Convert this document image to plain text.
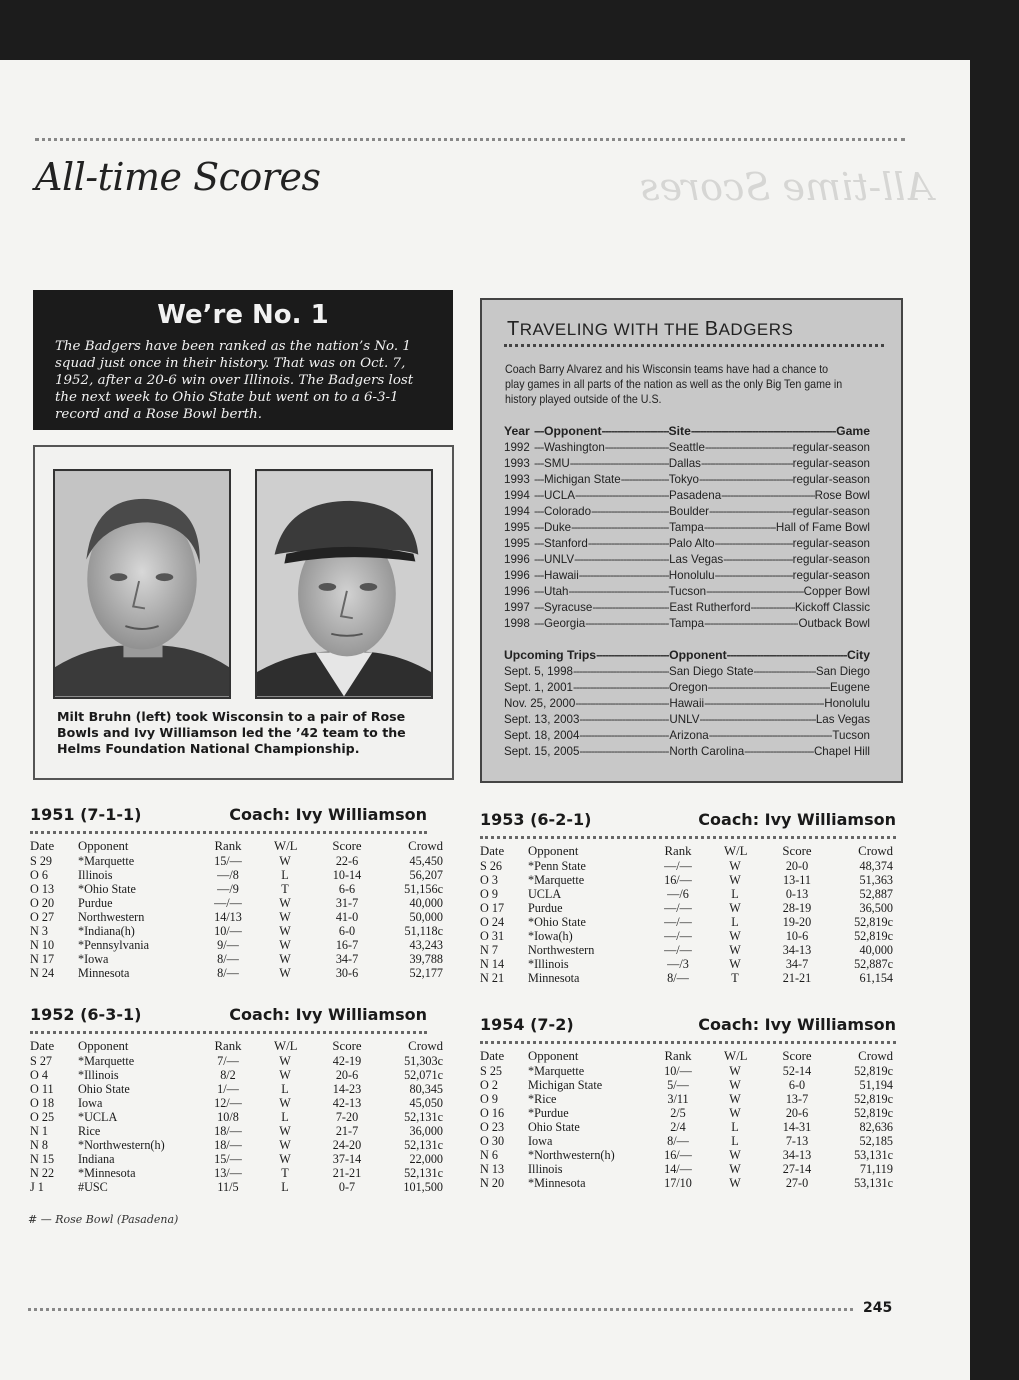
All-time Scores	All-time Scores
We’re No. 1

The Badgers have been ranked as the nation’s No. 1 squad just once in their history. That was on Oct. 7, 1952, after a 20-6 win over Illinois. The Badgers lost the next week to Ohio State but went on to a 6-3-1 record and a Rose Bowl berth.

Milt Bruhn (left) took Wisconsin to a pair of Rose Bowls and Ivy Williamson led the ’42 team to the Helms Foundation National Championship.
TRAVELING WITH THE BADGERS
Coach Barry Alvarez and his Wisconsin teams have had a chance to play games in all parts of the nation as well as the only Big Ten game in history played outside of the U.S.
Year -----	Opponent -----	Site -----	Game
1992 -----	Washington -----	Seattle -----	regular-season
1993 -----	SMU -----	Dallas -----	regular-season
1993 -----	Michigan State -----	Tokyo -----	regular-season
1994 -----	UCLA -----	Pasadena -----	Rose Bowl
1994 -----	Colorado -----	Boulder -----	regular-season
1995 -----	Duke -----	Tampa -----	Hall of Fame Bowl
1995 -----	Stanford -----	Palo Alto -----	regular-season
1996 -----	UNLV -----	Las Vegas -----	regular-season
1996 -----	Hawaii -----	Honolulu -----	regular-season
1996 -----	Utah -----	Tucson -----	Copper Bowl
1997 -----	Syracuse -----	East Rutherford -----	Kickoff Classic
1998 -----	Georgia -----	Tampa -----	Outback Bowl
Upcoming Trips -----	Opponent -----	City
Sept. 5, 1998 -----	San Diego State -----	San Diego
Sept. 1, 2001 -----	Oregon -----	Eugene
Nov. 25, 2000 -----	Hawaii -----	Honolulu
Sept. 13, 2003 -----	UNLV -----	Las Vegas
Sept. 18, 2004 -----	Arizona -----	Tucson
Sept. 15, 2005 -----	North Carolina -----	Chapel Hill
1951 (7-1-1)	Coach: Ivy Williamson
Date Opponent	Rank	W/L	Score	Crowd
S 29 *Marquette	15/—	W	22-6	45,450
O 6 Illinois	—/8	L	10-14	56,207
O 13 *Ohio State	—/9	T	6-6	51,156c
O 20 Purdue	—/—	W	31-7	40,000
O 27 Northwestern	14/13	W	41-0	50,000
N 3 *Indiana(h)	10/—	W	6-0	51,118c
N 10 *Pennsylvania	9/—	W	16-7	43,243
N 17 *Iowa	8/—	W	34-7	39,788
N 24 Minnesota	8/—	W	30-6	52,177
1952 (6-3-1)	Coach: Ivy Williamson
Date Opponent	Rank	W/L	Score	Crowd
S 27 *Marquette	7/—	W	42-19	51,303c
O 4 *Illinois	8/2	W	20-6	52,071c
O 11 Ohio State	1/—	L	14-23	80,345
O 18 Iowa	12/—	W	42-13	45,050
O 25 *UCLA	10/8	L	7-20	52,131c
N 1 Rice	18/—	W	21-7	36,000
N 8 *Northwestern(h)	18/—	W	24-20	52,131c
N 15 Indiana	15/—	W	37-14	22,000
N 22 *Minnesota	13/—	T	21-21	52,131c
J 1	#USC	11/5	L	0-7	101,500
1953 (6-2-1)	Coach: Ivy Williamson
Date Opponent	Rank	W/L	Score	Crowd
S 26 *Penn State	—/—	W	20-0	48,374
O 3 *Marquette	16/—	W	13-11	51,363
O 9 UCLA	—/6	L	0-13	52,887
O 17 Purdue	—/—	W	28-19	36,500
O 24 *Ohio State	—/—	L	19-20	52,819c
O 31 *Iowa(h)	—/—	W	10-6	52,819c
N 7 Northwestern	—/—	W	34-13	40,000
N 14 *Illinois	—/3	W	34-7	52,887c
N 21 Minnesota	8/—	T	21-21	61,154
1954 (7-2)	Coach: Ivy Williamson
Date Opponent	Rank	W/L	Score	Crowd
S 25 *Marquette	10/—	W	52-14	52,819c
O 2 Michigan State	5/—	W	6-0	51,194
O 9 *Rice	3/11	W	13-7	52,819c
O 16 *Purdue	2/5	W	20-6	52,819c
O 23 Ohio State	2/4	L	14-31	82,636
O 30 Iowa	8/—	L	7-13	52,185
N 6 *Northwestern(h)	16/—	W	34-13	53,131c
N 13 Illinois	14/—	W	27-14	71,119
N 20 *Minnesota	17/10	W	27-0	53,131c
# — Rose Bowl (Pasadena)
245
